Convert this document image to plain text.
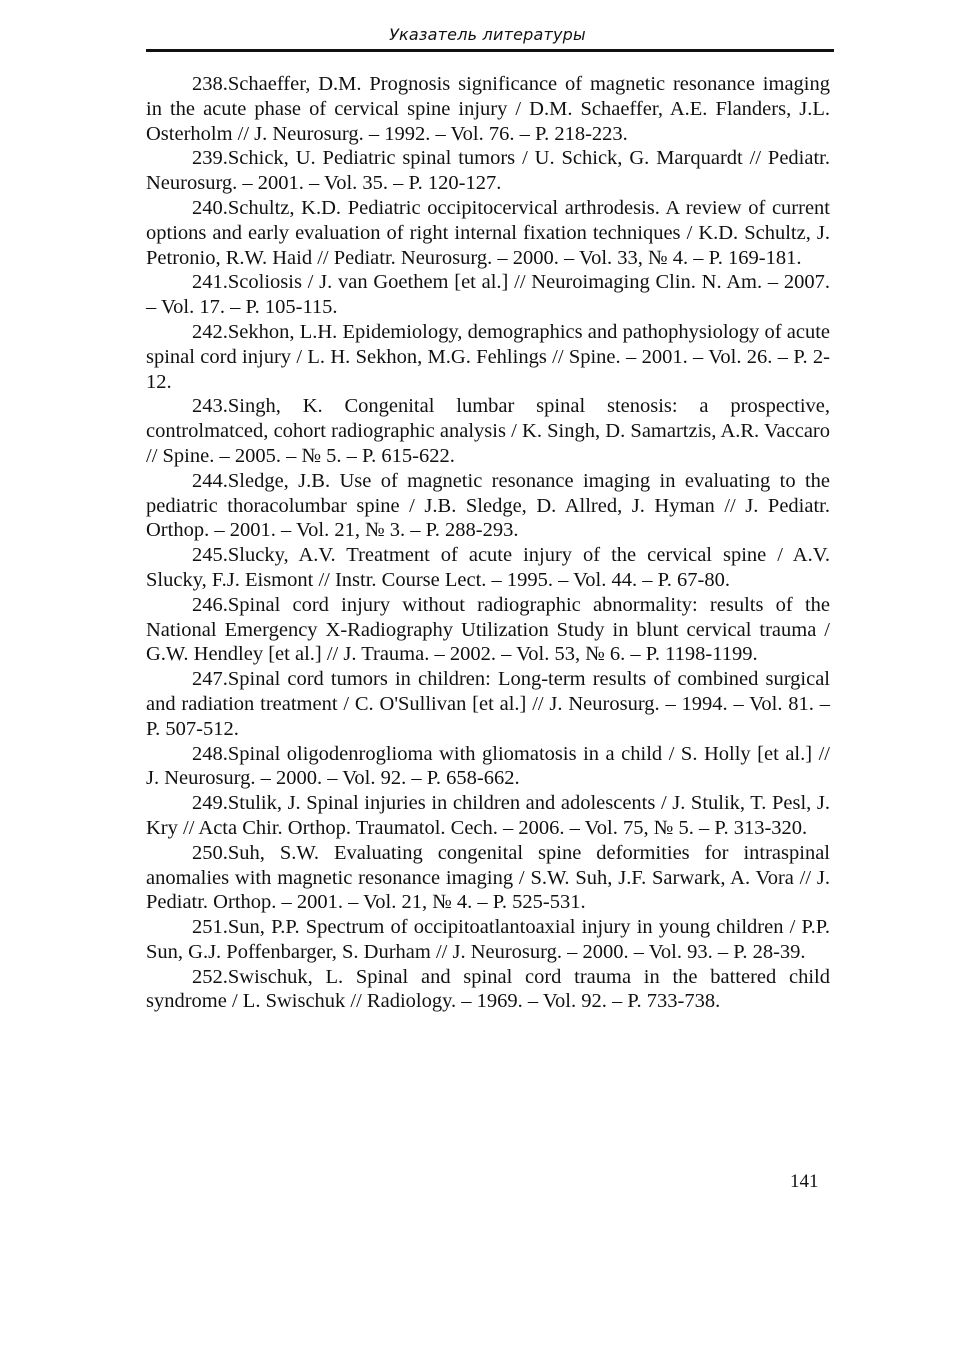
Указатель литературы

238.Schaeffer, D.M. Prognosis significance of magnetic resonance imaging in the acute phase of cervical spine injury / D.M. Schaeffer, A.E. Flanders, J.L. Osterholm // J. Neurosurg. – 1992. – Vol. 76. – P. 218-223.

239.Schick, U. Pediatric spinal tumors / U. Schick, G. Marquardt // Pediatr. Neurosurg. – 2001. – Vol. 35. – P. 120-127.

240.Schultz, K.D. Pediatric occipitocervical arthrodesis. A review of current options and early evaluation of right internal fixation techniques / K.D. Schultz, J. Petronio, R.W. Haid // Pediatr. Neurosurg. – 2000. – Vol. 33, № 4. – P. 169-181.

241.Scoliosis / J. van Goethem [et al.] // Neuroimaging Clin. N. Am. – 2007. – Vol. 17. – P. 105-115.

242.Sekhon, L.H. Epidemiology, demographics and pathophysiology of acute spinal cord injury / L. H. Sekhon, M.G. Fehlings // Spine. – 2001. – Vol. 26. – P. 2-12.

243.Singh, K. Congenital lumbar spinal stenosis: a prospective, controlmatced, cohort radiographic analysis / K. Singh, D. Samartzis, A.R. Vaccaro // Spine. – 2005. – № 5. – P. 615-622.

244.Sledge, J.B. Use of magnetic resonance imaging in evaluating to the pediatric thoracolumbar spine / J.B. Sledge, D. Allred, J. Hyman // J. Pediatr. Orthop. – 2001. – Vol. 21, № 3. – P. 288-293.

245.Slucky, A.V. Treatment of acute injury of the cervical spine / A.V. Slucky, F.J. Eismont // Instr. Course Lect. – 1995. – Vol. 44. – P. 67-80.

246.Spinal cord injury without radiographic abnormality: results of the National Emergency X-Radiography Utilization Study in blunt cervical trauma / G.W. Hendley [et al.] // J. Trauma. – 2002. – Vol. 53, № 6. – P. 1198-1199.

247.Spinal cord tumors in children: Long-term results of combined surgical and radiation treatment / C. O'Sullivan [et al.] // J. Neurosurg. – 1994. – Vol. 81. – P. 507-512.

248.Spinal oligodenroglioma with gliomatosis in a child / S. Holly [et al.] // J. Neurosurg. – 2000. – Vol. 92. – P. 658-662.

249.Stulik, J. Spinal injuries in children and adolescents / J. Stulik, T. Pesl, J. Kry // Acta Chir. Orthop. Traumatol. Cech. – 2006. – Vol. 75, № 5. – P. 313-320.

250.Suh, S.W. Evaluating congenital spine deformities for intraspinal anomalies with magnetic resonance imaging / S.W. Suh, J.F. Sarwark, A. Vora // J. Pediatr. Orthop. – 2001. – Vol. 21, № 4. – P. 525-531.

251.Sun, P.P. Spectrum of occipitoatlantoaxial injury in young children / P.P. Sun, G.J. Poffenbarger, S. Durham // J. Neurosurg. – 2000. – Vol. 93. – P. 28-39.

252.Swischuk, L. Spinal and spinal cord trauma in the battered child syndrome / L. Swischuk // Radiology. – 1969. – Vol. 92. – P. 733-738.

141
